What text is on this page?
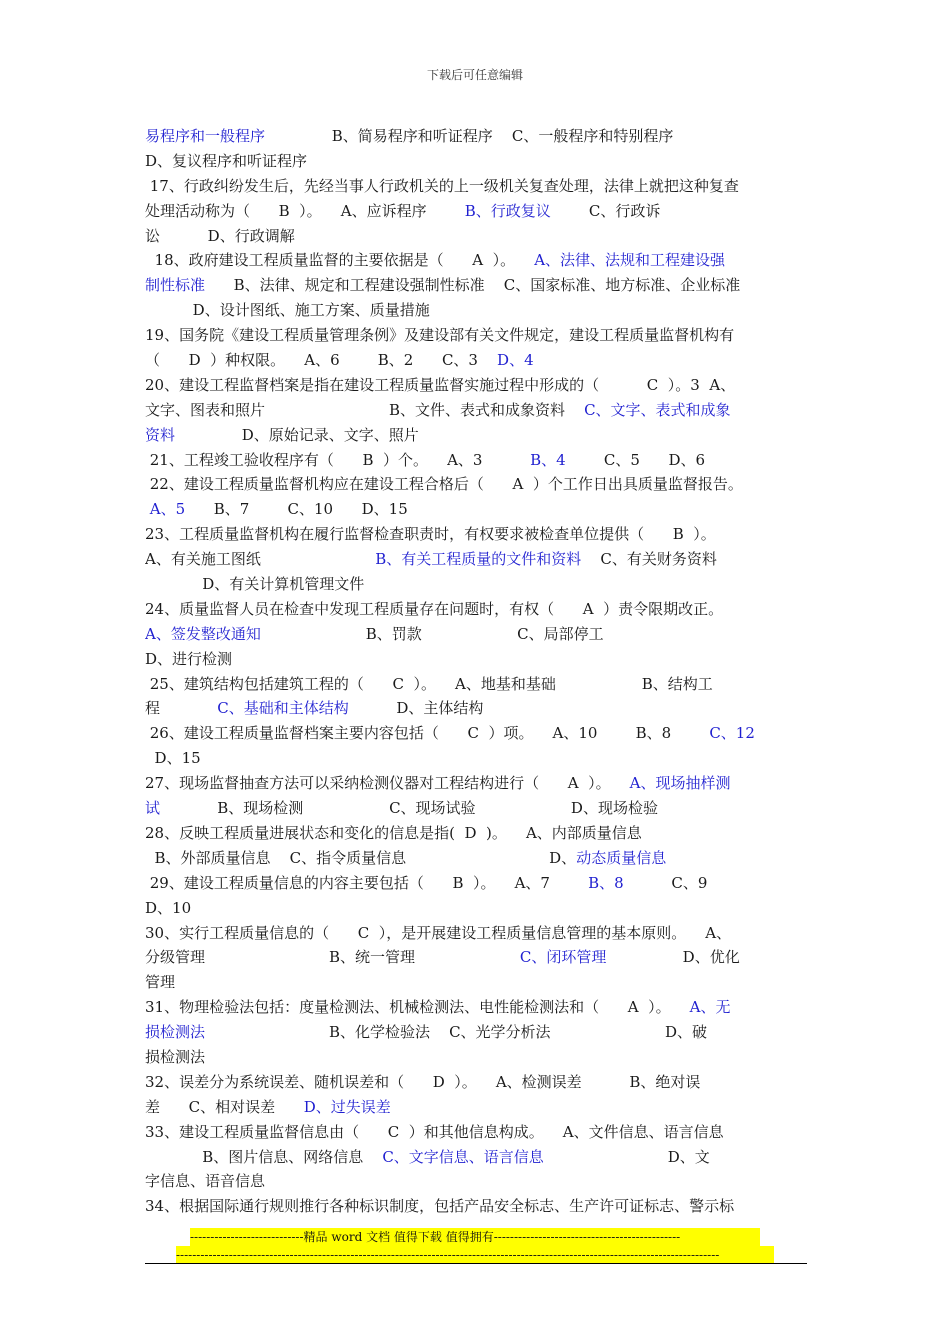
下载后可任意编辑
易程序和一般程序              B、简易程序和听证程序    C、一般程序和特别程序
D、复议程序和听证程序
17、行政纠纷发生后，先经当事人行政机关的上一级机关复查处理，法律上就把这种复查
处理活动称为（      B  ）。    A、应诉程序        B、行政复议        C、行政诉
讼          D、行政调解
18、政府建设工程质量监督的主要依据是（      A  ）。    A、法律、法规和工程建设强
制性标准      B、法律、规定和工程建设强制性标准    C、国家标准、地方标准、企业标准
D、设计图纸、施工方案、质量措施
19、国务院《建设工程质量管理条例》及建设部有关文件规定，建设工程质量监督机构有
（      D  ）种权限。    A、6        B、2      C、3    D、4
20、建设工程监督档案是指在建设工程质量监督实施过程中形成的（          C  ）。3  A、
文字、图表和照片                          B、文件、表式和成象资料    C、文字、表式和成象
资料              D、原始记录、文字、照片
21、工程竣工验收程序有（      B  ）个。    A、3          B、4        C、5      D、6
22、建设工程质量监督机构应在建设工程合格后（      A  ）个工作日出具质量监督报告。
A、5      B、7        C、10      D、15
23、工程质量监督机构在履行监督检查职责时，有权要求被检查单位提供（      B  ）。
A、有关施工图纸                        B、有关工程质量的文件和资料    C、有关财务资料
D、有关计算机管理文件
24、质量监督人员在检查中发现工程质量存在问题时，有权（      A  ）责令限期改正。
A、签发整改通知                      B、罚款                    C、局部停工
D、进行检测
25、建筑结构包括建筑工程的（      C  ）。    A、地基和基础                  B、结构工
程            C、基础和主体结构          D、主体结构
26、建设工程质量监督档案主要内容包括（      C  ）项。    A、10        B、8        C、12
D、15
27、现场监督抽查方法可以采纳检测仪器对工程结构进行（      A  ）。    A、现场抽样测
试            B、现场检测                  C、现场试验                    D、现场检验
28、反映工程质量进展状态和变化的信息是指(  D  )。    A、内部质量信息
B、外部质量信息    C、指令质量信息                              D、动态质量信息
29、建设工程质量信息的内容主要包括（      B  ）。    A、7        B、8          C、9
D、10
30、实行工程质量信息的（      C  ），是开展建设工程质量信息管理的基本原则。    A、
分级管理                          B、统一管理                      C、闭环管理                D、优化
管理
31、物理检验法包括：度量检测法、机械检测法、电性能检测法和（      A  ）。    A、无
损检测法                          B、化学检验法    C、光学分析法                        D、破
损检测法
32、误差分为系统误差、随机误差和（      D  ）。    A、检测误差          B、绝对误
差      C、相对误差      D、过失误差
33、建设工程质量监督信息由（      C  ）和其他信息构成。    A、文件信息、语言信息
B、图片信息、网络信息    C、文字信息、语言信息                          D、文
字信息、语音信息
34、根据国际通行规则推行各种标识制度，包括产品安全标志、生产许可证标志、警示标
----------------------------精品 word 文档 值得下载 值得拥有----------------------------------------------
--------------------------------------------------------------------------------------------------------------------------------------
